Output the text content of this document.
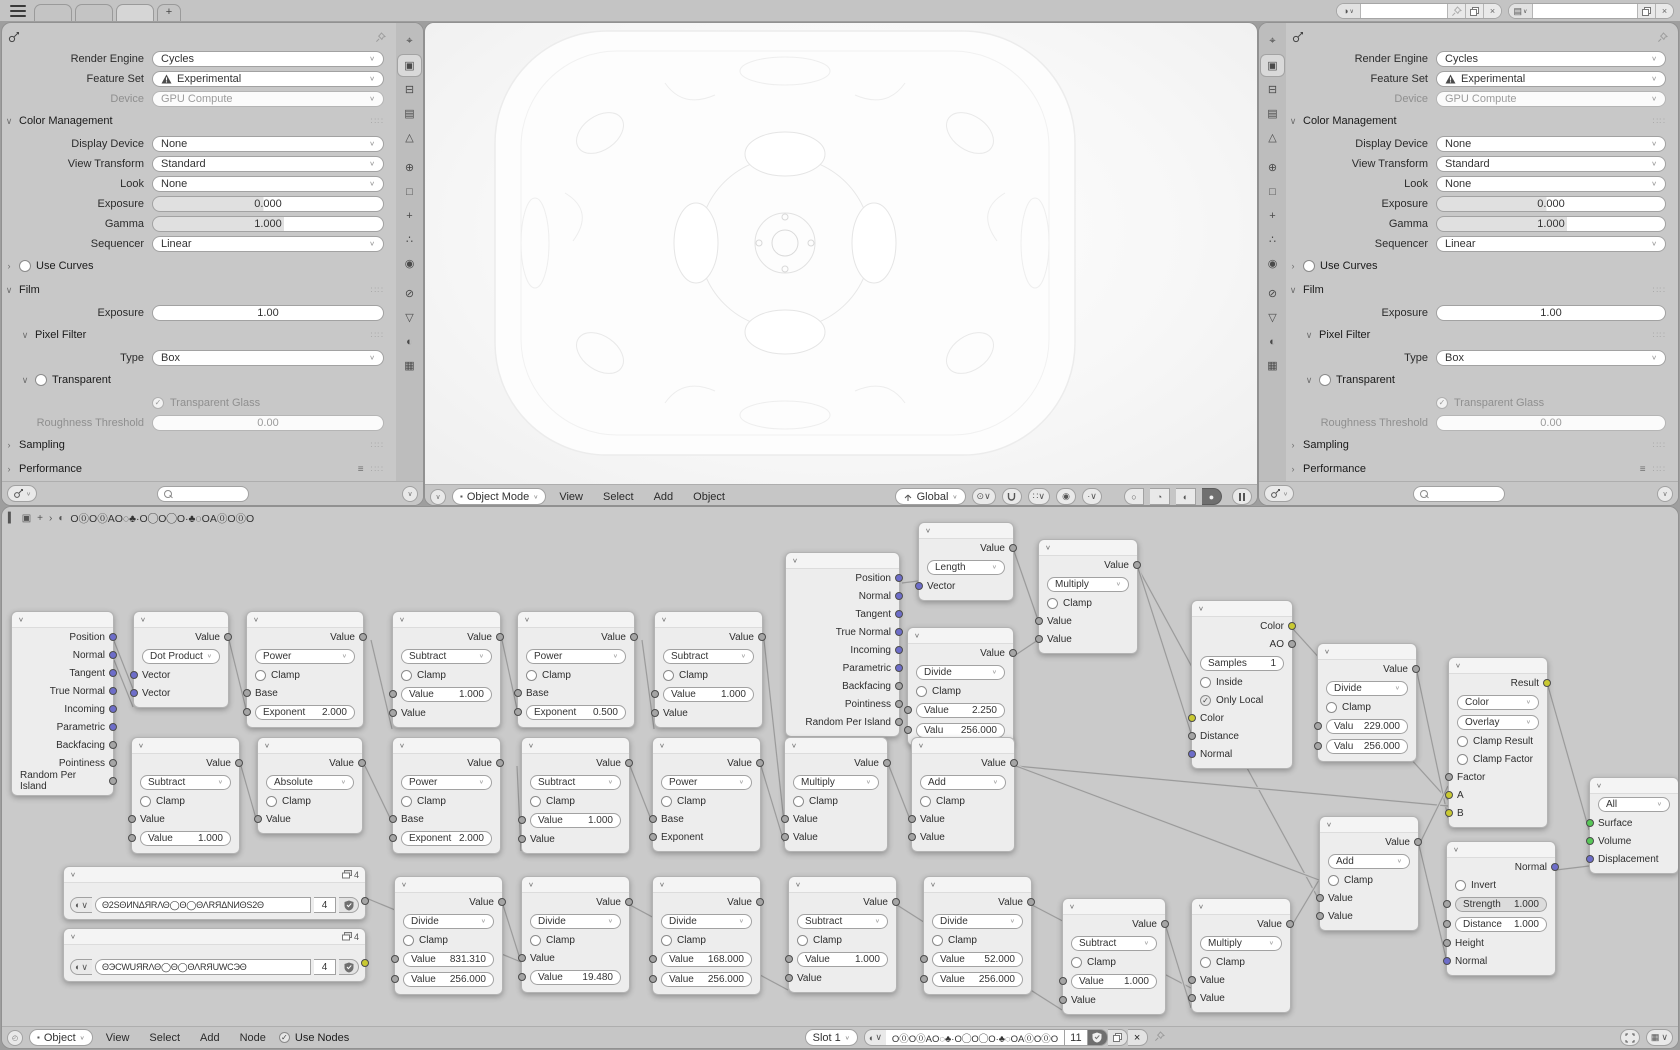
+	◑ ∨	×	▤ ∨	×
Render Engine	Cycles	∨
Feature Set	Experimental	∨
Device	GPU Compute	∨
∨ Color Management	∷∷
Display Device	None	∨
View Transform	Standard	∨
Look	None	∨
Exposure	0.000
Gamma	1.000
Sequencer	Linear	∨
›	Use Curves
∨ Film	∷∷
Exposure	1.00
∨ Pixel Filter	∷∷
Type	Box	∨
∨ Transparent
✓ Transparent Glass
Roughness Threshold	0.00
› Sampling	∷∷
› Performance	≡ ∷∷
⌖
▣
⊟
▤
△
⊕
□
+
∴
◉
⊘
▽
◐
▦
∨	∨	∨	▪ Object Mode ∨	View	Select	Add	Object	Global ∨	⊙∨	∷∨	◉	·∨	○	◔	◐	●
Render Engine	Cycles	∨
Feature Set	Experimental	∨
Device	GPU Compute	∨
∨ Color Management	∷∷
Display Device	None	∨
View Transform	Standard	∨
Look	None	∨
Exposure	0.000
Gamma	1.000
Sequencer	Linear	∨
›	Use Curves
∨ Film	∷∷
Exposure	1.00
∨ Pixel Filter	∷∷
Type	Box	∨
∨ Transparent
✓ Transparent Glass
Roughness Threshold	0.00
› Sampling	∷∷
› Performance	≡ ∷∷
⌖
▣
⊟
▤
△
⊕
□
+
∴
◉
⊘
▽
◐
▦
∨	∨
▍ ▣ + › ◐ O⓪O⓪AO◌♣·O◯O◯O·♣◌OA⓪O⓪O
∨
Position
Normal
Tangent
True Normal
Incoming
Parametric
Backfacing
Pointiness
Random Per Island
∨
Value
Dot Product ∨
Vector
Vector
∨
Value
Power	∨
Clamp
Base
Exponent 2.000
∨
Value
Subtract	∨
Clamp
Value	1.000
Value
∨
Value
Power	∨
Clamp
Base
Exponent 0.500
∨
Value
Subtract	∨
Clamp
Value	1.000
Value
∨
Position
Normal
Tangent
True Normal
Incoming
Parametric
Backfacing
Pointiness
Random Per Island
∨
Value
Length	∨
Vector
∨
Value
Multiply	∨
Clamp
Value
Value
∨
Value
Divide	∨
Clamp
Value 2.250
Valu 256.000
∨
Color
AO
Samples 1
Inside
✓ Only Local
Color
Distance
Normal
∨
Value
Divide	∨
Clamp
Valu 229.000
Valu 256.000
∨
Result
Color	∨
Overlay	∨
Clamp Result
Clamp Factor
Factor
A
B
∨
All	∨
Surface
Volume
Displacement
∨
Value
Subtract	∨
Clamp
Value
Value	1.000
∨
Value
Absolute	∨
Clamp
Value
∨
Value
Power	∨
Clamp
Base
Exponent 2.000
∨
Value
Subtract	∨
Clamp
Value	1.000
Value
∨
Value
Power	∨
Clamp
Base
Exponent
∨
Value
Multiply	∨
Clamp
Value
Value
∨
Value
Add	∨
Clamp
Value
Value
∨	4
◐ ∨	Θ2SΘИNΔЯRΛΘ◯Θ◯ΘΛRЯΔNИΘS2Θ	4
∨	4
◐ ∨	ΘЭCWUЯRΛΘ◯Θ◯ΘΛRЯUWCЭΘ	4
∨
Value
Divide	∨
Clamp
Value 831.310
Value 256.000
∨
Value
Divide	∨
Clamp
Value
Value 19.480
∨
Value
Divide	∨
Clamp
Value 168.000
Value 256.000
∨
Value
Subtract	∨
Clamp
Value	1.000
Value
∨
Value
Divide	∨
Clamp
Value 52.000
Value 256.000
∨
Value
Subtract	∨
Clamp
Value 1.000
Value
∨
Value
Multiply	∨
Clamp
Value
Value
∨
Value
Add	∨
Clamp
Value
Value
∨
Normal
Invert
Strength 1.000
Distance 1.000
Height
Normal
◴	▪ Object ∨	View	Select	Add	Node	✓ Use Nodes	Slot 1 ∨	◐ ∨	O⓪O⓪AO◌♣·O◯O◯O·♣◌OA⓪O⓪O	11	×	▦ ∨
